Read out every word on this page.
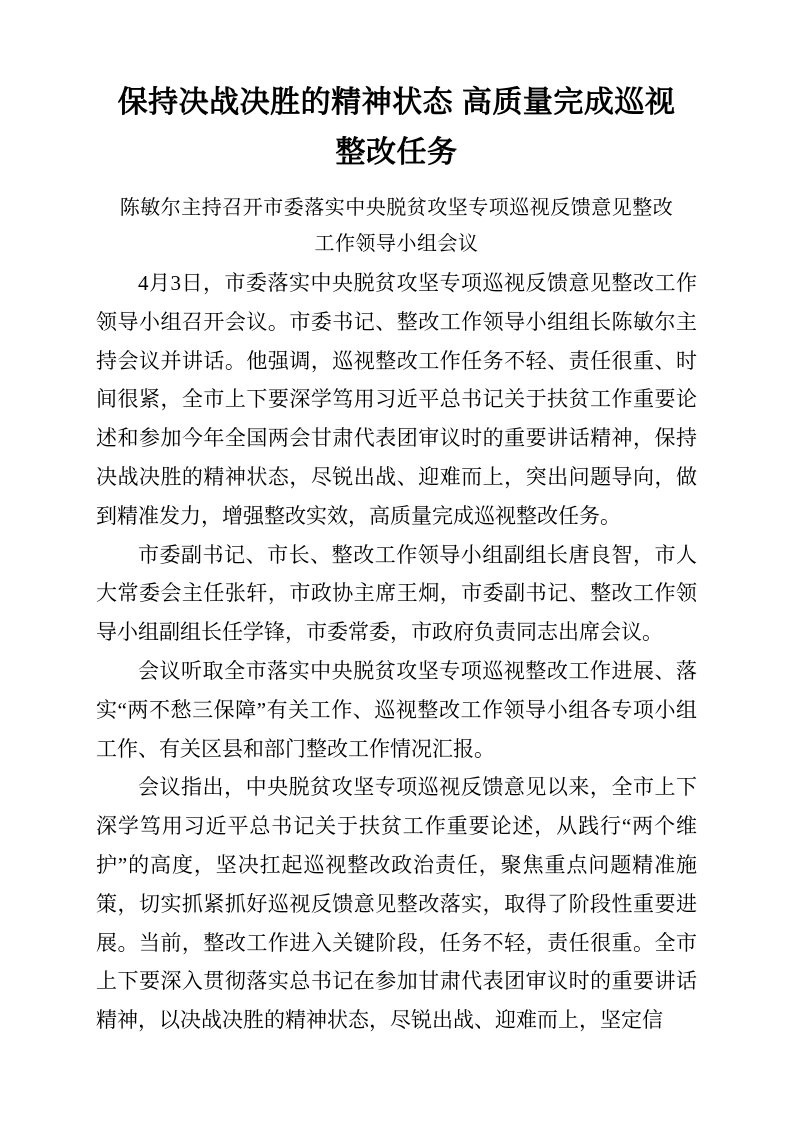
保持决战决胜的精神状态 高质量完成巡视整改任务
陈敏尔主持召开市委落实中央脱贫攻坚专项巡视反馈意见整改工作领导小组会议

4月3日，市委落实中央脱贫攻坚专项巡视反馈意见整改工作领导小组召开会议。市委书记、整改工作领导小组组长陈敏尔主持会议并讲话。他强调，巡视整改工作任务不轻、责任很重、时间很紧，全市上下要深学笃用习近平总书记关于扶贫工作重要论述和参加今年全国两会甘肃代表团审议时的重要讲话精神，保持决战决胜的精神状态，尽锐出战、迎难而上，突出问题导向，做到精准发力，增强整改实效，高质量完成巡视整改任务。

市委副书记、市长、整改工作领导小组副组长唐良智，市人大常委会主任张轩，市政协主席王炯，市委副书记、整改工作领导小组副组长任学锋，市委常委，市政府负责同志出席会议。

会议听取全市落实中央脱贫攻坚专项巡视整改工作进展、落实“两不愁三保障”有关工作、巡视整改工作领导小组各专项小组工作、有关区县和部门整改工作情况汇报。

会议指出，中央脱贫攻坚专项巡视反馈意见以来，全市上下深学笃用习近平总书记关于扶贫工作重要论述，从践行“两个维护”的高度，坚决扛起巡视整改政治责任，聚焦重点问题精准施策，切实抓紧抓好巡视反馈意见整改落实，取得了阶段性重要进展。当前，整改工作进入关键阶段，任务不轻，责任很重。全市上下要深入贯彻落实总书记在参加甘肃代表团审议时的重要讲话精神，以决战决胜的精神状态，尽锐出战、迎难而上，坚定信
